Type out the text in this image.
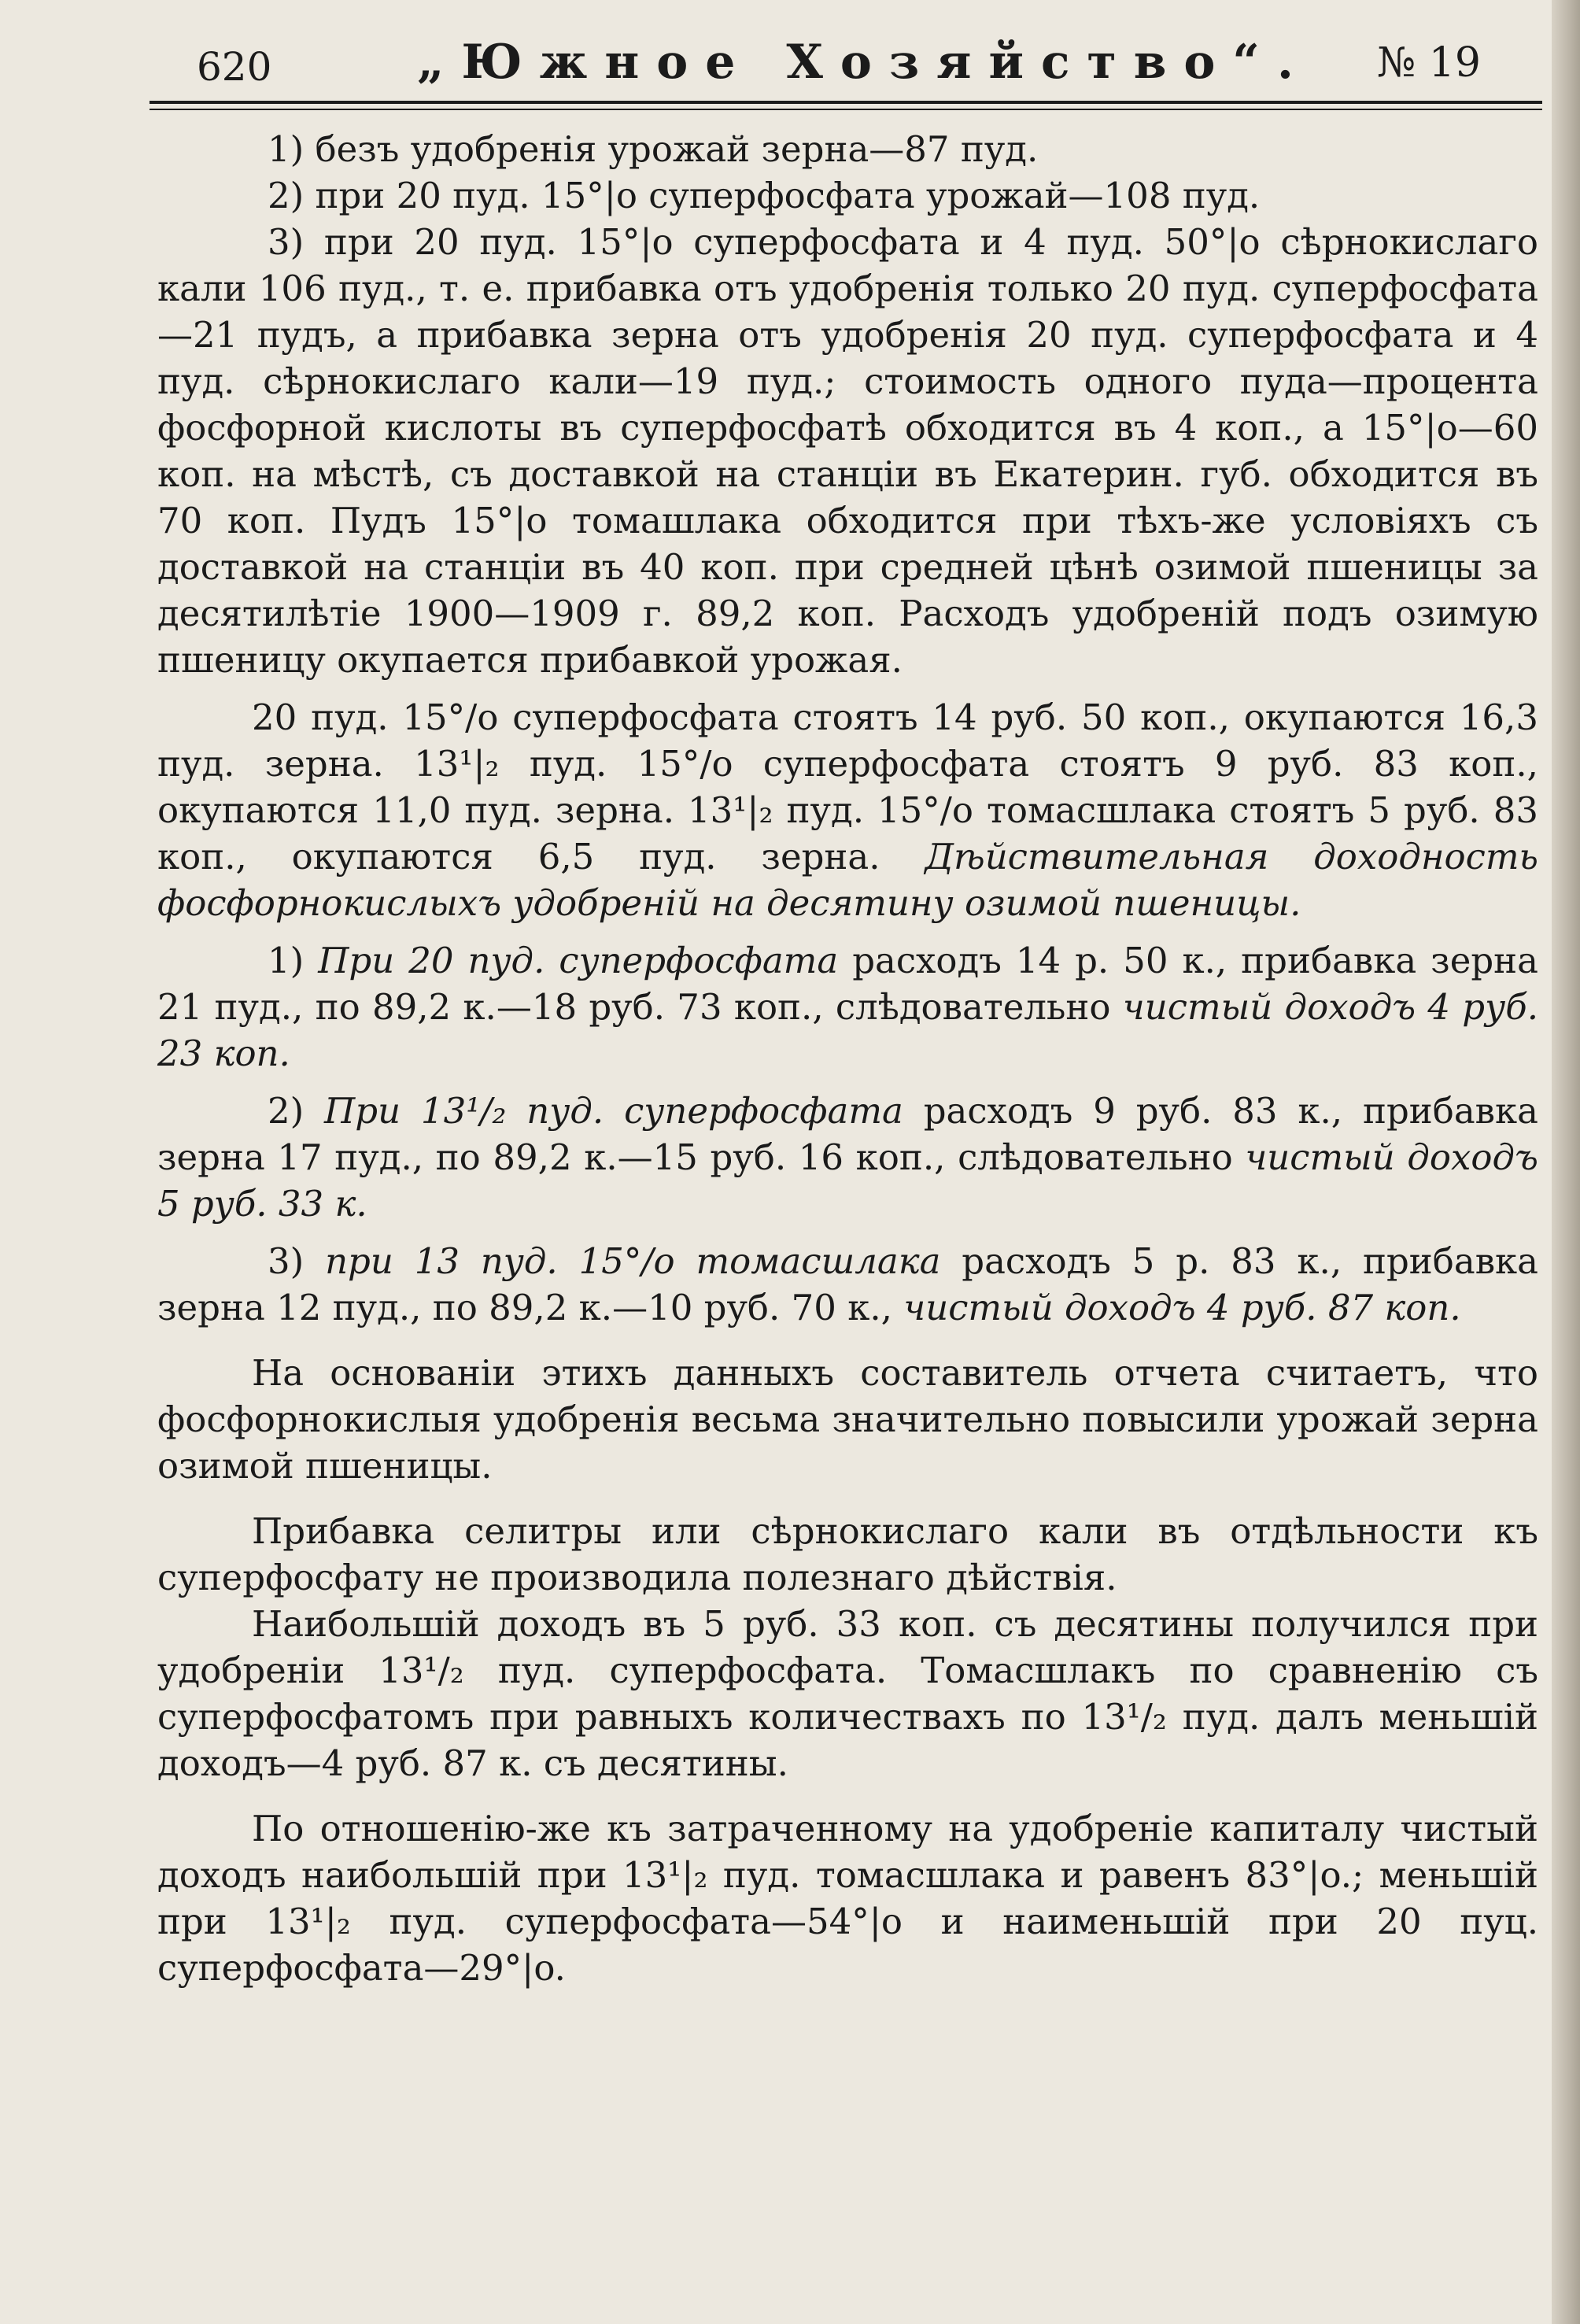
620	„Южное Хозяйство“. № 19

1) безъ удобренія урожай зерна—87 пуд.

2) при 20 пуд. 15°|o суперфосфата урожай—108 пуд.

3) при 20 пуд. 15°|o суперфосфата и 4 пуд. 50°|o сѣрнокислаго кали 106 пуд., т. е. прибавка отъ удобренія только 20 пуд. суперфосфата—21 пудъ, а прибавка зерна отъ удобренія 20 пуд. суперфосфата и 4 пуд. сѣрнокислаго кали—19 пуд.; стоимость одного пуда—процента фосфорной кислоты въ суперфосфатѣ обходится въ 4 коп., а 15°|o—60 коп. на мѣстѣ, съ доставкой на станціи въ Екатерин. губ. обходится въ 70 коп. Пудъ 15°|o томашлака обходится при тѣхъ-же условіяхъ съ доставкой на станціи въ 40 коп. при средней цѣнѣ озимой пшеницы за десятилѣтіе 1900—1909 г. 89,2 коп. Расходъ удобреній подъ озимую пшеницу окупается прибавкой урожая.

20 пуд. 15°/o суперфосфата стоятъ 14 руб. 50 коп., окупаются 16,3 пуд. зерна. 13¹|₂ пуд. 15°/o суперфосфата стоятъ 9 руб. 83 коп., окупаются 11,0 пуд. зерна. 13¹|₂ пуд. 15°/o томасшлака стоятъ 5 руб. 83 коп., окупаются 6,5 пуд. зерна. Дѣйствительная доходность фосфорнокислыхъ удобреній на десятину озимой пшеницы.

1) При 20 пуд. суперфосфата расходъ 14 р. 50 к., прибавка зерна 21 пуд., по 89,2 к.—18 руб. 73 коп., слѣдовательно чистый доходъ 4 руб. 23 коп.

2) При 13¹/₂ пуд. суперфосфата расходъ 9 руб. 83 к., прибавка зерна 17 пуд., по 89,2 к.—15 руб. 16 коп., слѣдовательно чистый доходъ 5 руб. 33 к.

3) при 13 пуд. 15°/o томасшлака расходъ 5 р. 83 к., прибавка зерна 12 пуд., по 89,2 к.—10 руб. 70 к., чистый доходъ 4 руб. 87 коп.

На основаніи этихъ данныхъ составитель отчета считаетъ, что фосфорнокислыя удобренія весьма значительно повысили урожай зерна озимой пшеницы.

Прибавка селитры или сѣрнокислаго кали въ отдѣльности къ суперфосфату не производила полезнаго дѣйствія.

Наибольшій доходъ въ 5 руб. 33 коп. съ десятины получился при удобреніи 13¹/₂ пуд. суперфосфата. Томасшлакъ по сравненію съ суперфосфатомъ при равныхъ количествахъ по 13¹/₂ пуд. далъ меньшій доходъ—4 руб. 87 к. съ десятины.

По отношенію-же къ затраченному на удобреніе капиталу чистый доходъ наибольшій при 13¹|₂ пуд. томасшлака и равенъ 83°|o.; меньшій при 13¹|₂ пуд. суперфосфата—54°|o и наименьшій при 20 пуц. суперфосфата—29°|o.
